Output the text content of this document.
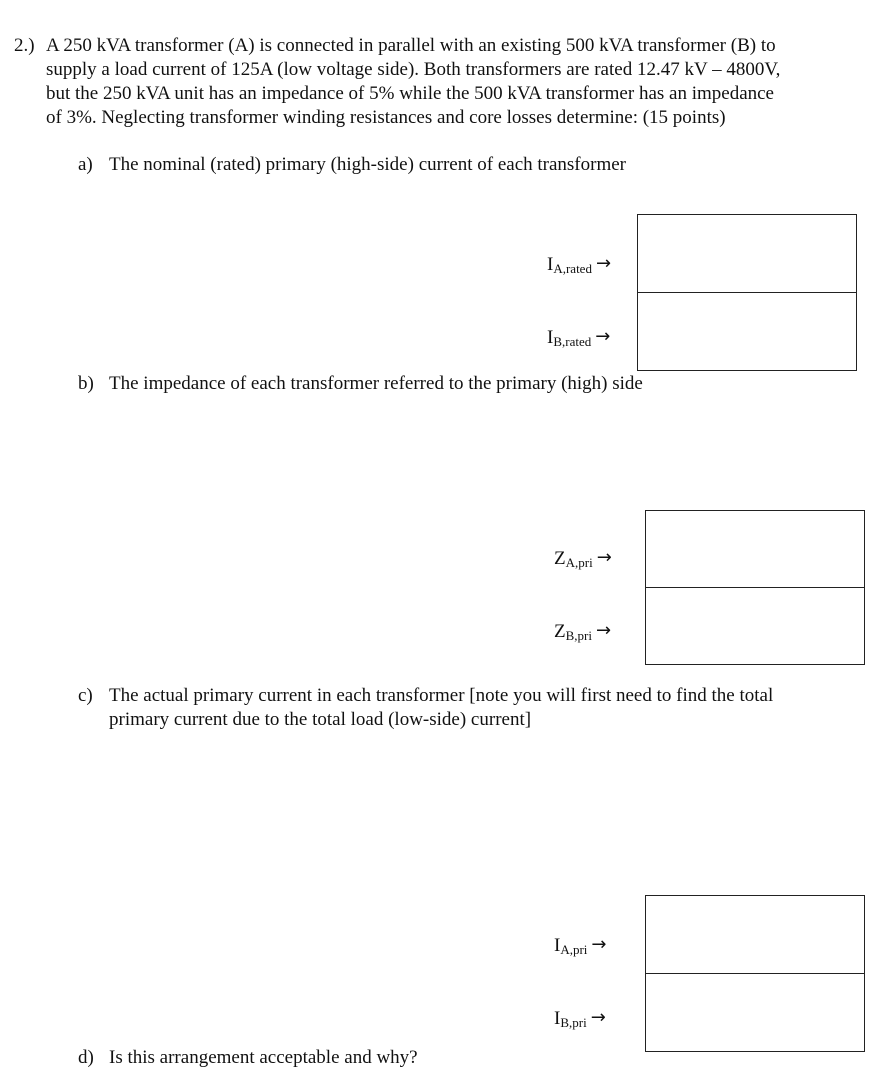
2.) A 250 kVA transformer (A) is connected in parallel with an existing 500 kVA transformer (B) to
supply a load current of 125A (low voltage side). Both transformers are rated 12.47 kV – 4800V,
but the 250 kVA unit has an impedance of 5% while the 500 kVA transformer has an impedance
of 3%. Neglecting transformer winding resistances and core losses determine: (15 points)
a) The nominal (rated) primary (high-side) current of each transformer
I A,rated →
I B,rated →
b) The impedance of each transformer referred to the primary (high) side
Z A,pri →
Z B,pri →
c) The actual primary current in each transformer [note you will first need to find the total
primary current due to the total load (low-side) current]
I A,pri →
I B,pri →
d) Is this arrangement acceptable and why?
